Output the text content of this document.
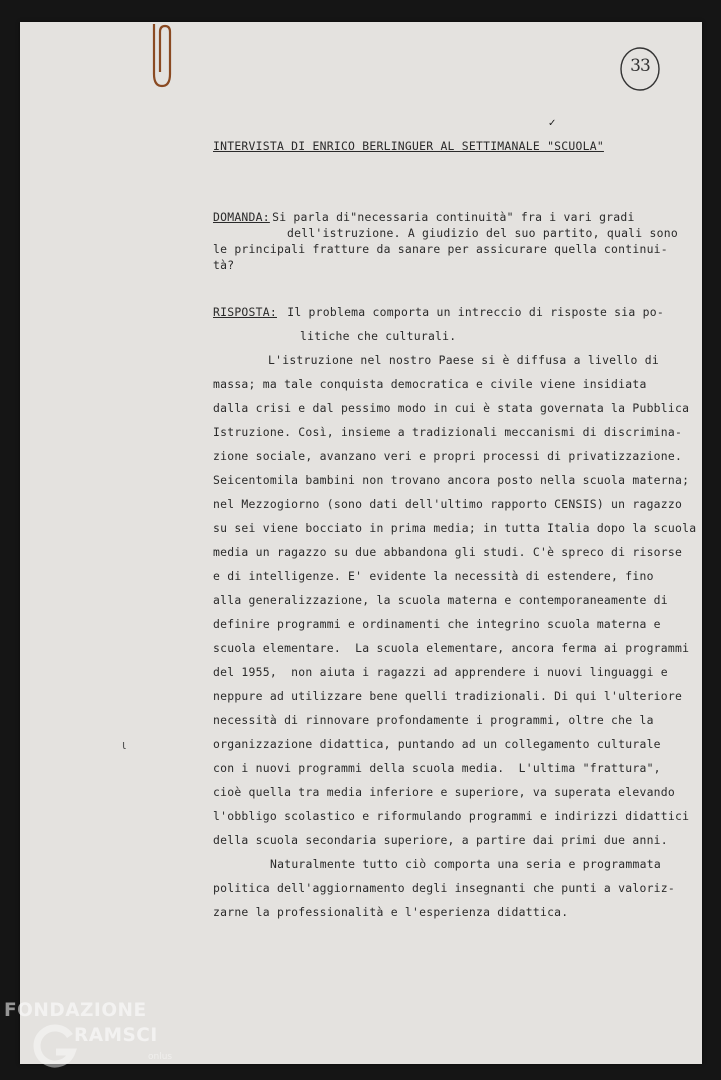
33
✓
INTERVISTA DI ENRICO BERLINGUER AL SETTIMANALE "SCUOLA"
DOMANDA:
Si parla di"necessaria continuità" fra i vari gradi
dell'istruzione. A giudizio del suo partito, quali sono
le principali fratture da sanare per assicurare quella continui-
tà?
RISPOSTA:
Il problema comporta un intreccio di risposte sia po-
litiche che culturali.
L'istruzione nel nostro Paese si è diffusa a livello di
massa; ma tale conquista democratica e civile viene insidiata
dalla crisi e dal pessimo modo in cui è stata governata la Pubblica
Istruzione. Così, insieme a tradizionali meccanismi di discrimina-
zione sociale, avanzano veri e propri processi di privatizzazione.
Seicentomila bambini non trovano ancora posto nella scuola materna;
nel Mezzogiorno (sono dati dell'ultimo rapporto CENSIS) un ragazzo
su sei viene bocciato in prima media; in tutta Italia dopo la scuola
media un ragazzo su due abbandona gli studi. C'è spreco di risorse
e di intelligenze. E' evidente la necessità di estendere, fino
alla generalizzazione, la scuola materna e contemporaneamente di
definire programmi e ordinamenti che integrino scuola materna e
scuola elementare.  La scuola elementare, ancora ferma ai programmi
del 1955,  non aiuta i ragazzi ad apprendere i nuovi linguaggi e
neppure ad utilizzare bene quelli tradizionali. Di qui l'ulteriore
necessità di rinnovare profondamente i programmi, oltre che la
organizzazione didattica, puntando ad un collegamento culturale
con i nuovi programmi della scuola media.  L'ultima "frattura",
cioè quella tra media inferiore e superiore, va superata elevando
l'obbligo scolastico e riformulando programmi e indirizzi didattici
della scuola secondaria superiore, a partire dai primi due anni.
Naturalmente tutto ciò comporta una seria e programmata
politica dell'aggiornamento degli insegnanti che punti a valoriz-
zarne la professionalità e l'esperienza didattica.
ɩ
FONDAZIONE
RAMSCI
onlus
